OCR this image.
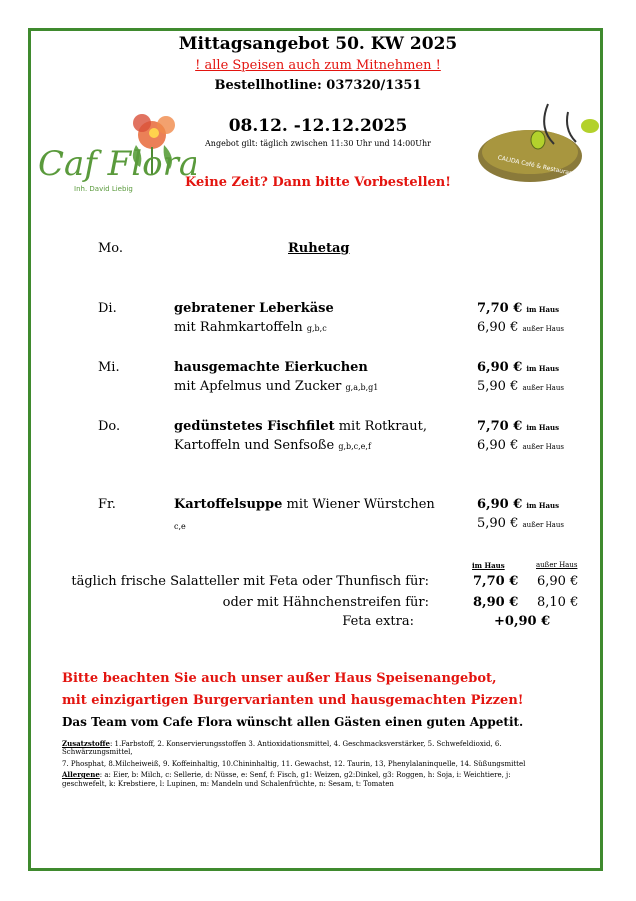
Mittagsangebot 50. KW 2025
! alle Speisen auch zum Mitnehmen !
Bestellhotline: 037320/1351
08.12. -12.12.2025
Angebot gilt: täglich zwischen 11:30 Uhr und 14:00Uhr
Keine Zeit? Dann bitte Vorbestellen!
Caf Flora
Inh. David Liebig
CALIDA Café & Restaurant
Mo.	Ruhetag
Di.	gebratener Leberkäse
mit Rahmkartoffeln g,b,c
7,70 € im Haus
6,90 € außer Haus
Mi.	hausgemachte Eierkuchen
mit Apfelmus und Zucker g,a,b,g1
6,90 € im Haus
5,90 € außer Haus
Do.	gedünstetes Fischfilet mit Rotkraut,
Kartoffeln und Senfsoße g,b,c,e,f
7,70 € im Haus
6,90 € außer Haus
Fr.	Kartoffelsuppe mit Wiener Würstchen
c,e
6,90 € im Haus
5,90 € außer Haus
im Haus	außer Haus
täglich frische Salatteller mit Feta oder Thunfisch für:	7,70 € 6,90 €
oder mit Hähnchenstreifen für:	8,90 € 8,10 €
Feta extra:	+0,90 €
Bitte beachten Sie auch unser außer Haus Speisenangebot,
mit einzigartigen Burgervarianten und hausgemachten Pizzen!
Das Team vom Cafe Flora wünscht allen Gästen einen guten Appetit.
Zusatzstoffe: 1.Farbstoff, 2. Konservierungsstoffen 3. Antioxidationsmittel, 4. Geschmacksverstärker, 5. Schwefeldioxid, 6.
Schwärzungsmittel,
7. Phosphat, 8.Milcheiweiß, 9. Koffeinhaltig, 10.Chininhaltig, 11. Gewachst, 12. Taurin, 13, Phenylalaninquelle, 14. Süßungsmittel
Allergene: a: Eier, b: Milch, c: Sellerie, d: Nüsse, e: Senf, f: Fisch, g1: Weizen, g2:Dinkel, g3: Roggen, h: Soja, i: Weichtiere, j:
geschwefelt, k: Krebstiere, l: Lupinen, m: Mandeln und Schalenfrüchte, n: Sesam, t: Tomaten
